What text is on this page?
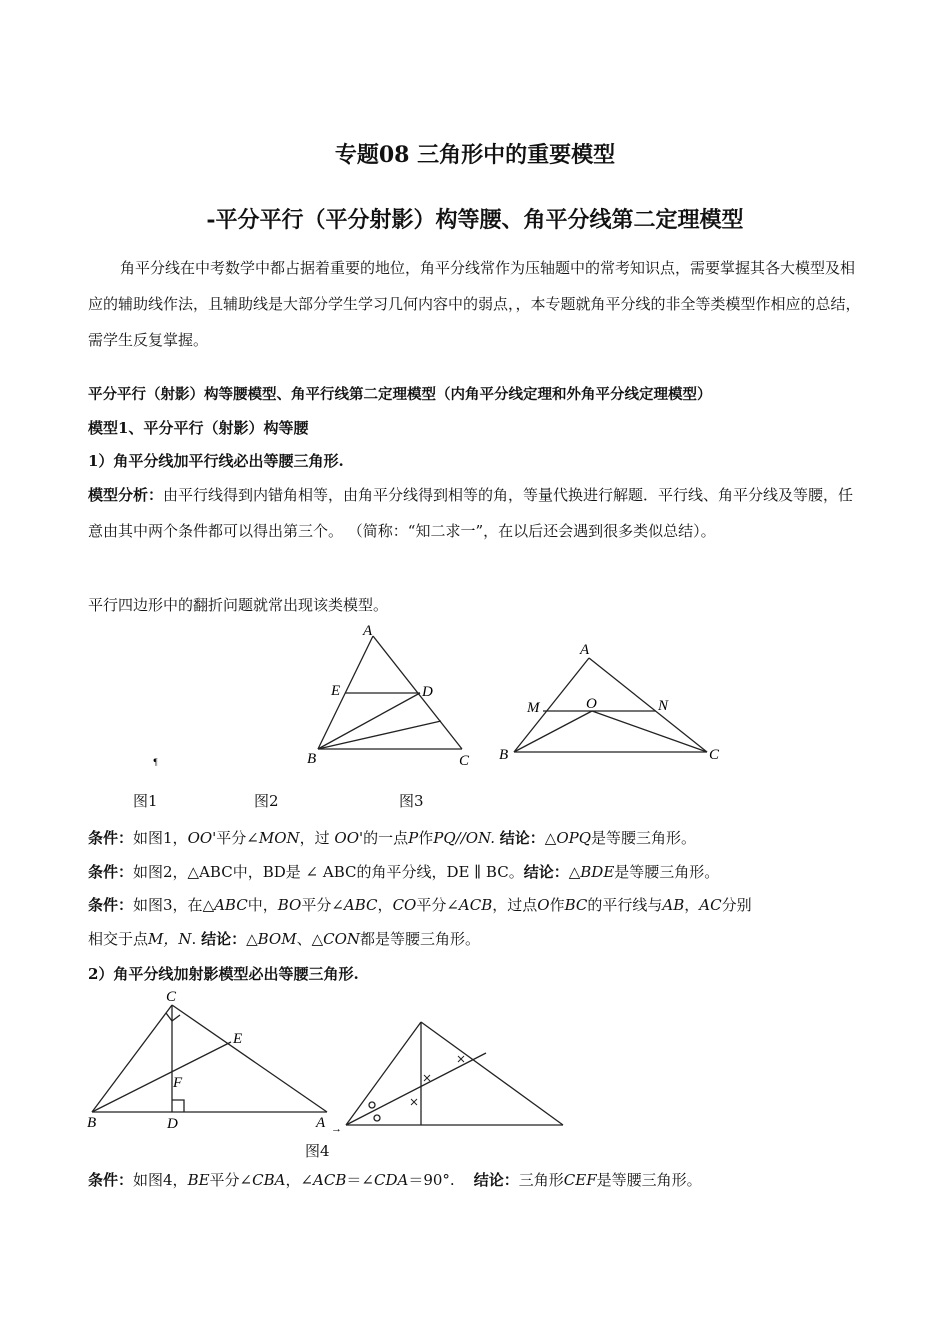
专题08 三角形中的重要模型
-平分平行（平分射影）构等腰、角平分线第二定理模型
角平分线在中考数学中都占据着重要的地位，角平分线常作为压轴题中的常考知识点，需要掌握其各大模型及相应的辅助线作法，且辅助线是大部分学生学习几何内容中的弱点，，本专题就角平分线的非全等类模型作相应的总结，需学生反复掌握。
平分平行（射影）构等腰模型、角平行线第二定理模型（内角平分线定理和外角平分线定理模型）
模型1、平分平行（射影）构等腰
1）角平分线加平行线必出等腰三角形.
模型分析：由平行线得到内错角相等，由角平分线得到相等的角，等量代换进行解题．平行线、角平分线及等腰，任意由其中两个条件都可以得出第三个。 （简称：“知二求一”，在以后还会遇到很多类似总结）。
平行四边形中的翻折问题就常出现该类模型。
A
E	D
B	C
¶
A
M	O	N
B	C
图1	图2	图3
条件：如图1，OO'平分∠MON，过 OO'的一点P作PQ//ON. 结论：△OPQ是等腰三角形。
条件：如图2，△ABC中，BD是 ∠ ABC的角平分线，DE ∥ BC。结论：△BDE是等腰三角形。
条件：如图3，在△ABC中，BO平分∠ABC，CO平分∠ACB，过点O作BC的平行线与AB，AC分别
相交于点M，N. 结论：△BOM、△CON都是等腰三角形。
2）角平分线加射影模型必出等腰三角形.
C
E
F
B	D	A →
图4
条件：如图4，BE平分∠CBA，∠ACB＝∠CDA＝90°. 结论：三角形CEF是等腰三角形。
